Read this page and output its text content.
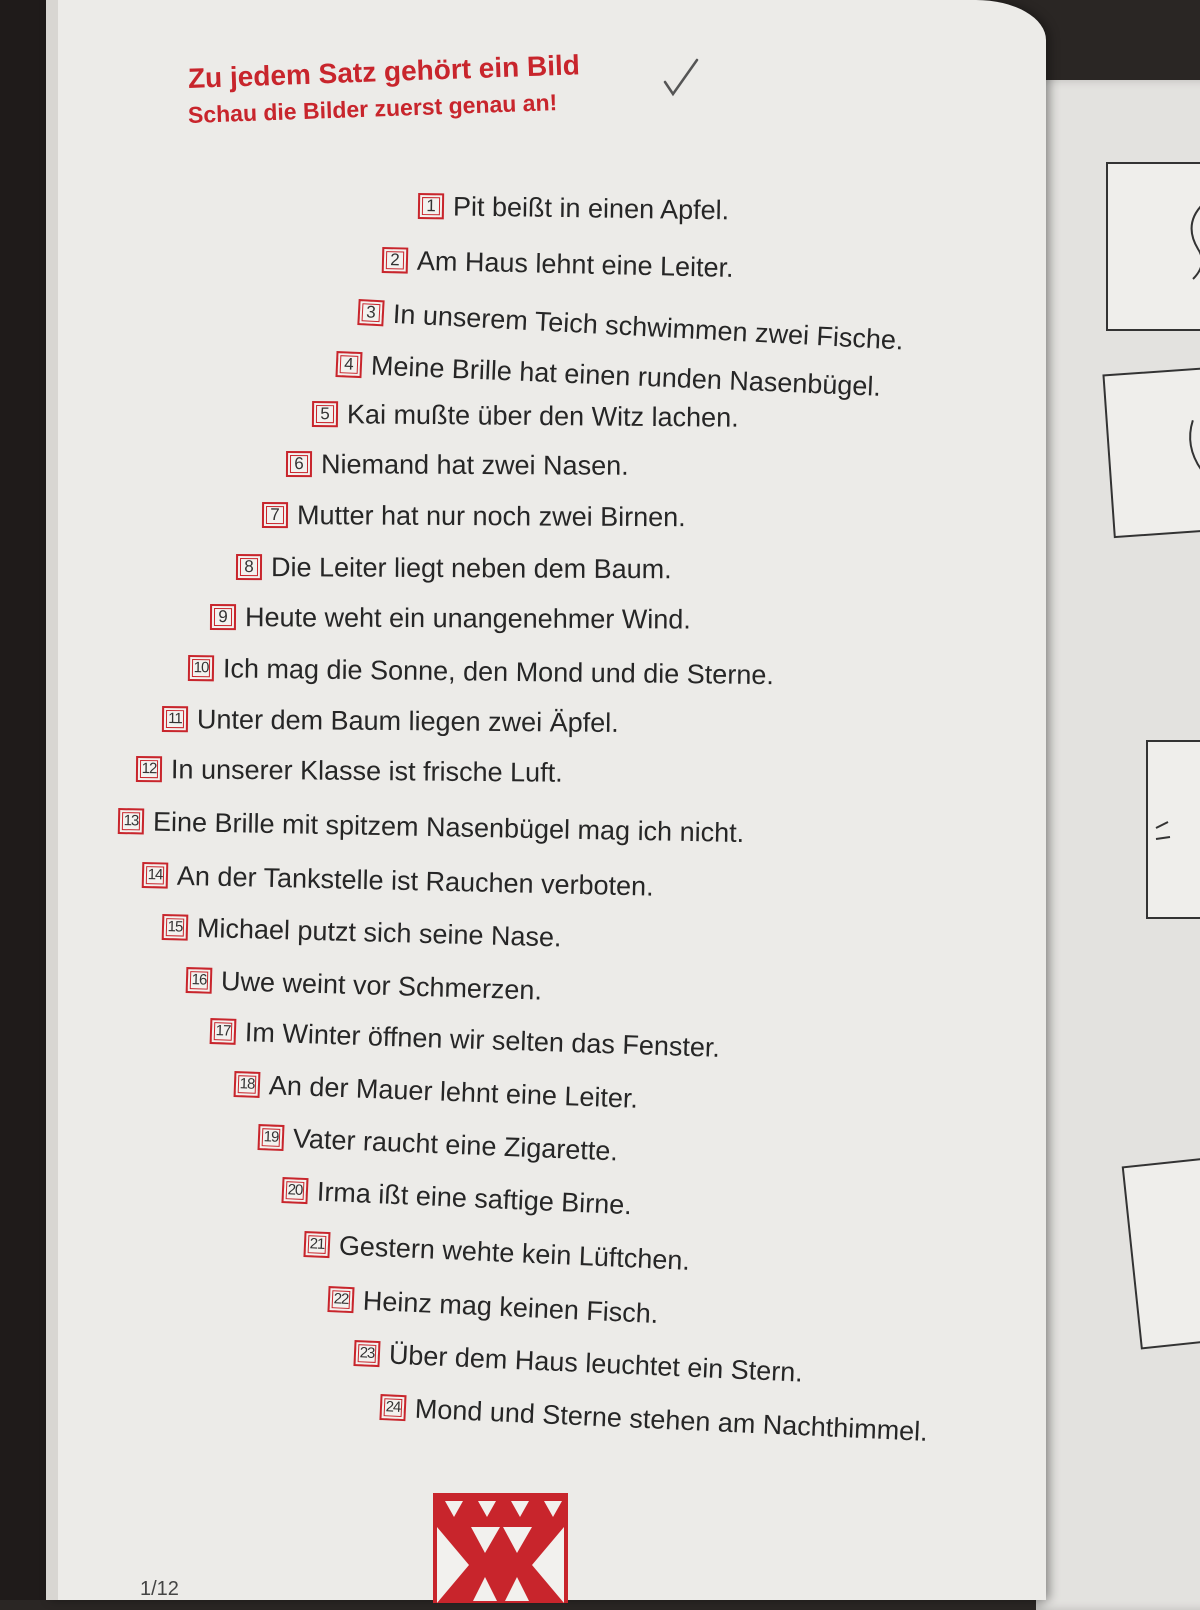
Zu jedem Satz gehört ein Bild
Schau die Bilder zuerst genau an!
1 Pit beißt in einen Apfel.
2 Am Haus lehnt eine Leiter.
3 In unserem Teich schwimmen zwei Fische.
4 Meine Brille hat einen runden Nasenbügel.
5 Kai mußte über den Witz lachen.
6 Niemand hat zwei Nasen.
7 Mutter hat nur noch zwei Birnen.
8 Die Leiter liegt neben dem Baum.
9 Heute weht ein unangenehmer Wind.
10 Ich mag die Sonne, den Mond und die Sterne.
11 Unter dem Baum liegen zwei Äpfel.
12 In unserer Klasse ist frische Luft.
13 Eine Brille mit spitzem Nasenbügel mag ich nicht.
14 An der Tankstelle ist Rauchen verboten.
15 Michael putzt sich seine Nase.
16 Uwe weint vor Schmerzen.
17 Im Winter öffnen wir selten das Fenster.
18 An der Mauer lehnt eine Leiter.
19 Vater raucht eine Zigarette.
20 Irma ißt eine saftige Birne.
21 Gestern wehte kein Lüftchen.
22 Heinz mag keinen Fisch.
23 Über dem Haus leuchtet ein Stern.
24 Mond und Sterne stehen am Nachthimmel.
1/12
